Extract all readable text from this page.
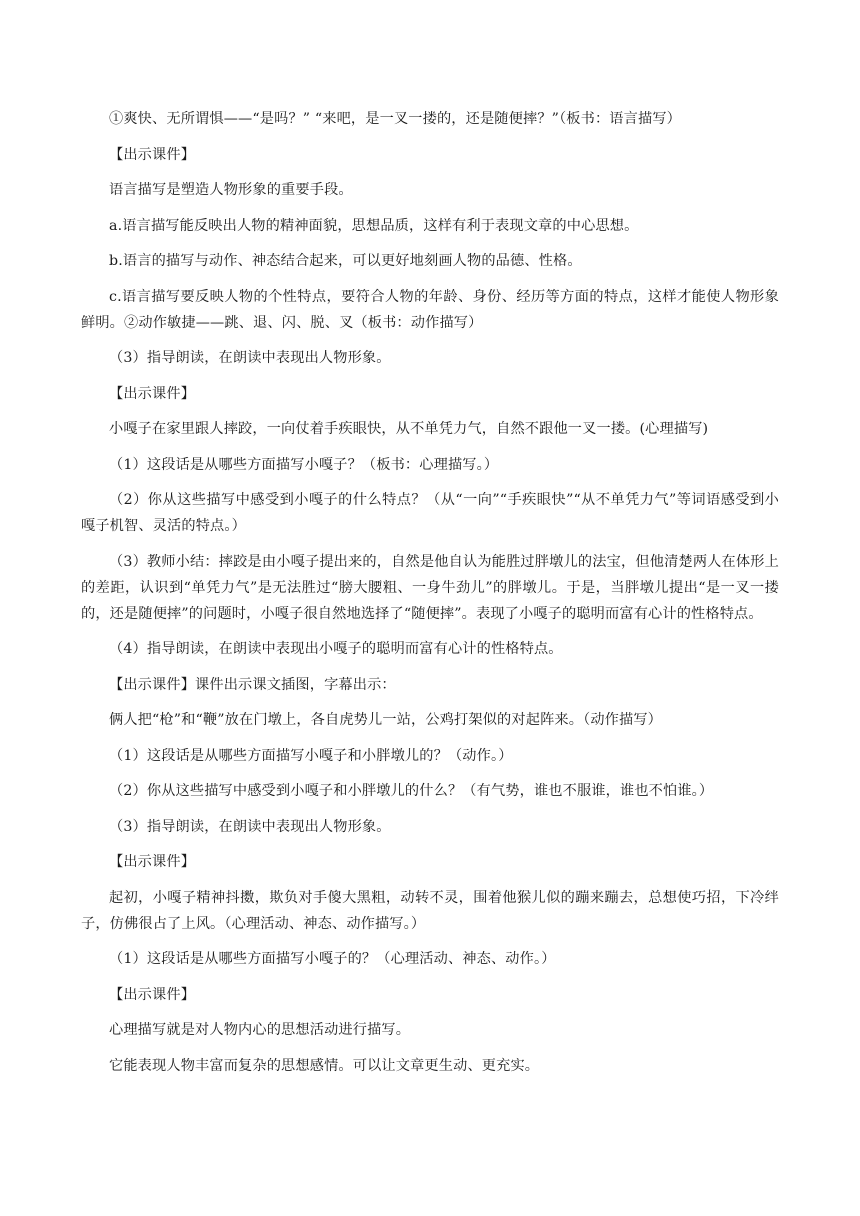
①爽快、无所谓惧——“是吗？” “来吧，是一叉一搂的，还是随便摔？”（板书：语言描写）

【出示课件】

语言描写是塑造人物形象的重要手段。

a.语言描写能反映出人物的精神面貌，思想品质，这样有利于表现文章的中心思想。

b.语言的描写与动作、神态结合起来，可以更好地刻画人物的品德、性格。

c.语言描写要反映人物的个性特点，要符合人物的年龄、身份、经历等方面的特点，这样才能使人物形象鲜明。②动作敏捷——跳、退、闪、脱、叉（板书：动作描写）

（3）指导朗读，在朗读中表现出人物形象。

【出示课件】

小嘎子在家里跟人摔跤，一向仗着手疾眼快，从不单凭力气，自然不跟他一叉一搂。(心理描写)

（1）这段话是从哪些方面描写小嘎子？（板书：心理描写。）

（2）你从这些描写中感受到小嘎子的什么特点？（从“一向”“手疾眼快”“从不单凭力气”等词语感受到小嘎子机智、灵活的特点。）

（3）教师小结：摔跤是由小嘎子提出来的，自然是他自认为能胜过胖墩儿的法宝，但他清楚两人在体形上的差距，认识到“单凭力气”是无法胜过“膀大腰粗、一身牛劲儿”的胖墩儿。于是，当胖墩儿提出“是一叉一搂的，还是随便摔”的问题时，小嘎子很自然地选择了“随便摔”。表现了小嘎子的聪明而富有心计的性格特点。

（4）指导朗读，在朗读中表现出小嘎子的聪明而富有心计的性格特点。

【出示课件】课件出示课文插图，字幕出示：

俩人把“枪”和“鞭”放在门墩上，各自虎势儿一站，公鸡打架似的对起阵来。（动作描写）

（1）这段话是从哪些方面描写小嘎子和小胖墩儿的？（动作。）

（2）你从这些描写中感受到小嘎子和小胖墩儿的什么？（有气势，谁也不服谁，谁也不怕谁。）

（3）指导朗读，在朗读中表现出人物形象。

【出示课件】

起初，小嘎子精神抖擞，欺负对手傻大黑粗，动转不灵，围着他猴儿似的蹦来蹦去，总想使巧招，下冷绊子，仿佛很占了上风。（心理活动、神态、动作描写。）

（1）这段话是从哪些方面描写小嘎子的？（心理活动、神态、动作。）

【出示课件】

心理描写就是对人物内心的思想活动进行描写。

它能表现人物丰富而复杂的思想感情。可以让文章更生动、更充实。
